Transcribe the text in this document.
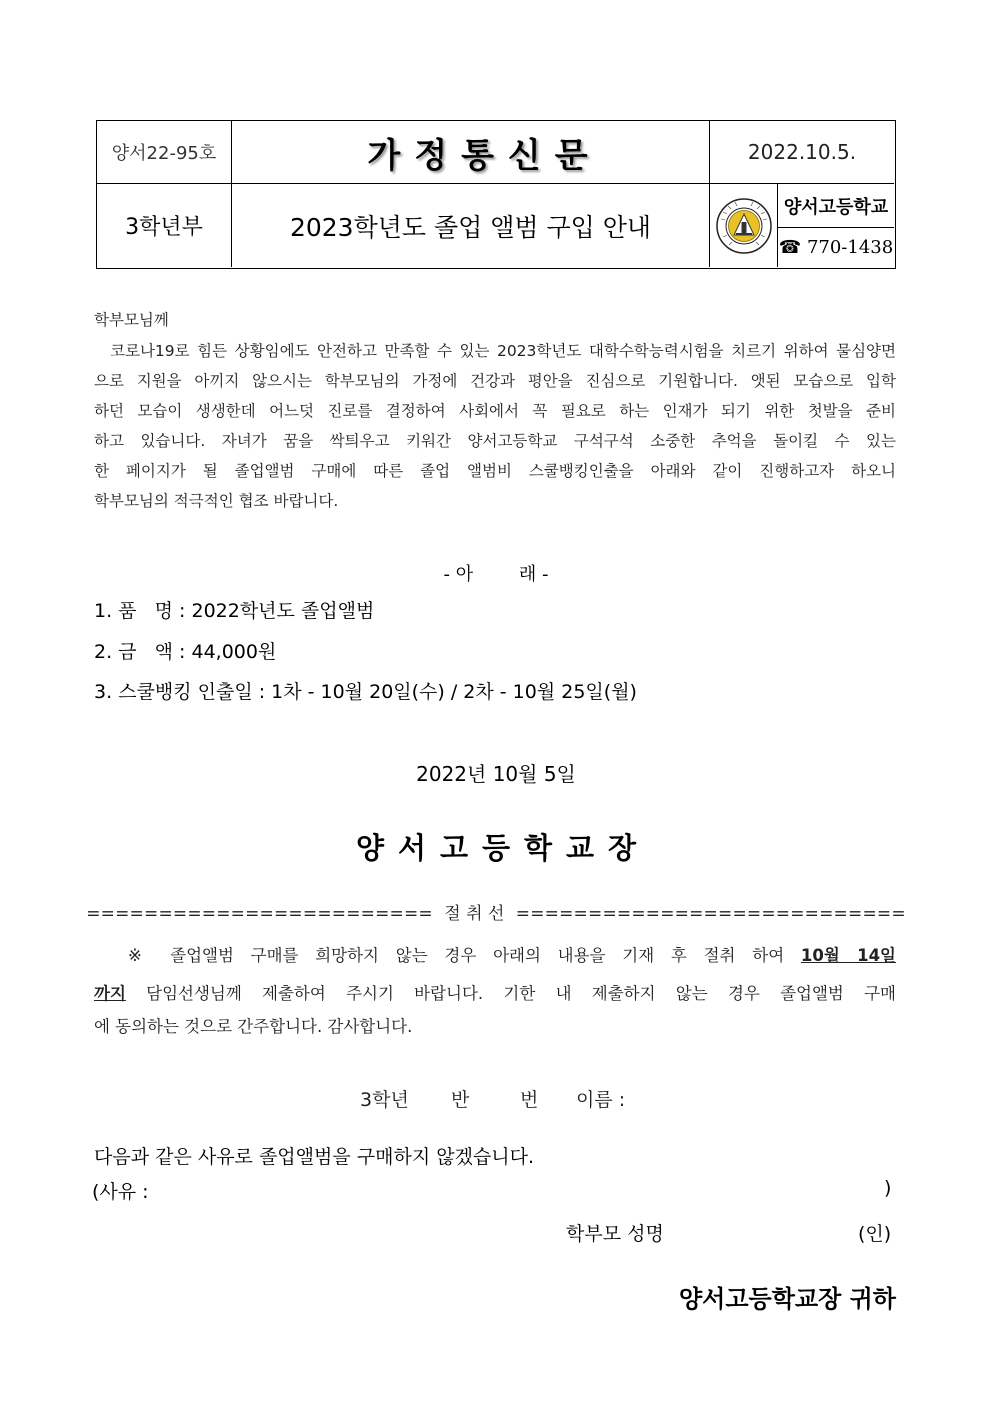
양서22-95호	가정통신문	2022.10.5.
3학년부	2023학년도 졸업 앨범 구입 안내
양서고등학교
☎ 770-1438
학부모님께
코로나19로 힘든 상황임에도 안전하고 만족할 수 있는 2023학년도 대학수학능력시험을 치르기 위하여 물심양면
으로 지원을 아끼지 않으시는 학부모님의 가정에 건강과 평안을 진심으로 기원합니다. 앳된 모습으로 입학
하던 모습이 생생한데 어느덧 진로를 결정하여 사회에서 꼭 필요로 하는 인재가 되기 위한 첫발을 준비
하고 있습니다. 자녀가 꿈을 싹틔우고 키워간 양서고등학교 구석구석 소중한 추억을 돌이킬 수 있는
한 페이지가 될 졸업앨범 구매에 따른 졸업 앨범비 스쿨뱅킹인출을 아래와 같이 진행하고자 하오니
학부모님의 적극적인 협조 바랍니다.
- 아        래 -
1. 품   명 : 2022학년도 졸업앨범
2. 금   액 : 44,000원
3. 스쿨뱅킹 인출일 : 1차 - 10월 20일(수) / 2차 - 10월 25일(월)
2022년 10월 5일
양서고등학교장
======================== 절 취 선 ===========================
※ 졸업앨범 구매를 희망하지 않는 경우 아래의 내용을 기재 후 절취 하여 10월 14일
까지 담임선생님께 제출하여 주시기 바랍니다. 기한 내 제출하지 않는 경우 졸업앨범 구매
에 동의하는 것으로 간주합니다. 감사합니다.
3학년 반	번 이름 :
다음과 같은 사유로 졸업앨범을 구매하지 않겠습니다.
(사유 :	)
학부모 성명	(인)
양서고등학교장 귀하
